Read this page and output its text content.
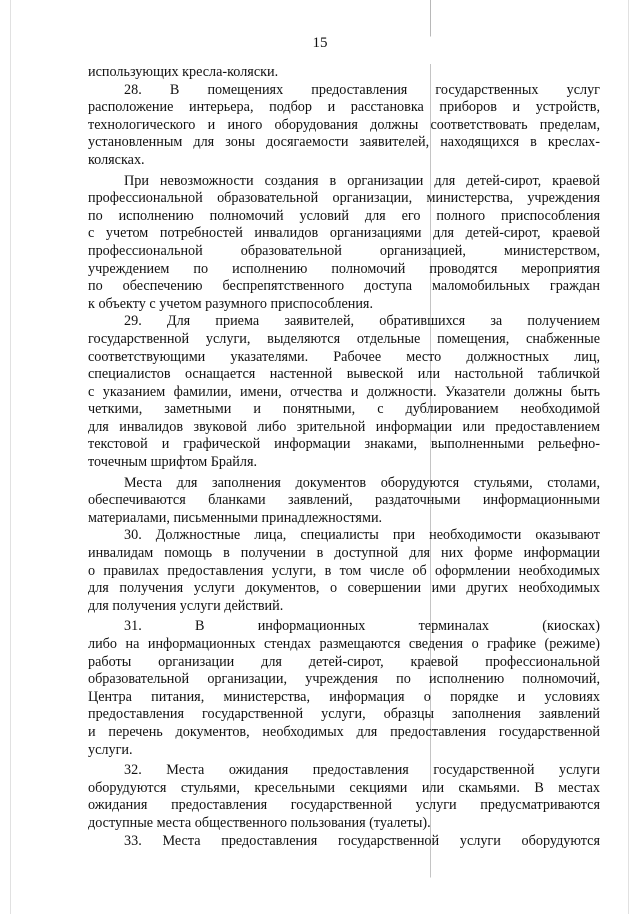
15
использующих кресла-коляски.
28. В помещениях предоставления государственных услуг
расположение интерьера, подбор и расстановка приборов и устройств,
технологического и иного оборудования должны соответствовать пределам,
установленным для зоны досягаемости заявителей, находящихся в креслах-
колясках.
При невозможности создания в организации для детей-сирот, краевой
профессиональной образовательной организации, министерства, учреждения
по исполнению полномочий условий для его полного приспособления
с учетом потребностей инвалидов организациями для детей-сирот, краевой
профессиональной образовательной организацией, министерством,
учреждением по исполнению полномочий проводятся мероприятия
по обеспечению беспрепятственного доступа маломобильных граждан
к объекту с учетом разумного приспособления.
29. Для приема заявителей, обратившихся за получением
государственной услуги, выделяются отдельные помещения, снабженные
соответствующими указателями. Рабочее место должностных лиц,
специалистов оснащается настенной вывеской или настольной табличкой
с указанием фамилии, имени, отчества и должности. Указатели должны быть
четкими, заметными и понятными, с дублированием необходимой
для инвалидов звуковой либо зрительной информации или предоставлением
текстовой и графической информации знаками, выполненными рельефно-
точечным шрифтом Брайля.
Места для заполнения документов оборудуются стульями, столами,
обеспечиваются бланками заявлений, раздаточными информационными
материалами, письменными принадлежностями.
30. Должностные лица, специалисты при необходимости оказывают
инвалидам помощь в получении в доступной для них форме информации
о правилах предоставления услуги, в том числе об оформлении необходимых
для получения услуги документов, о совершении ими других необходимых
для получения услуги действий.
31. В информационных терминалах (киосках)
либо на информационных стендах размещаются сведения о графике (режиме)
работы организации для детей-сирот, краевой профессиональной
образовательной организации, учреждения по исполнению полномочий,
Центра питания, министерства, информация о порядке и условиях
предоставления государственной услуги, образцы заполнения заявлений
и перечень документов, необходимых для предоставления государственной
услуги.
32. Места ожидания предоставления государственной услуги
оборудуются стульями, кресельными секциями или скамьями. В местах
ожидания предоставления государственной услуги предусматриваются
доступные места общественного пользования (туалеты).
33. Места предоставления государственной услуги оборудуются
